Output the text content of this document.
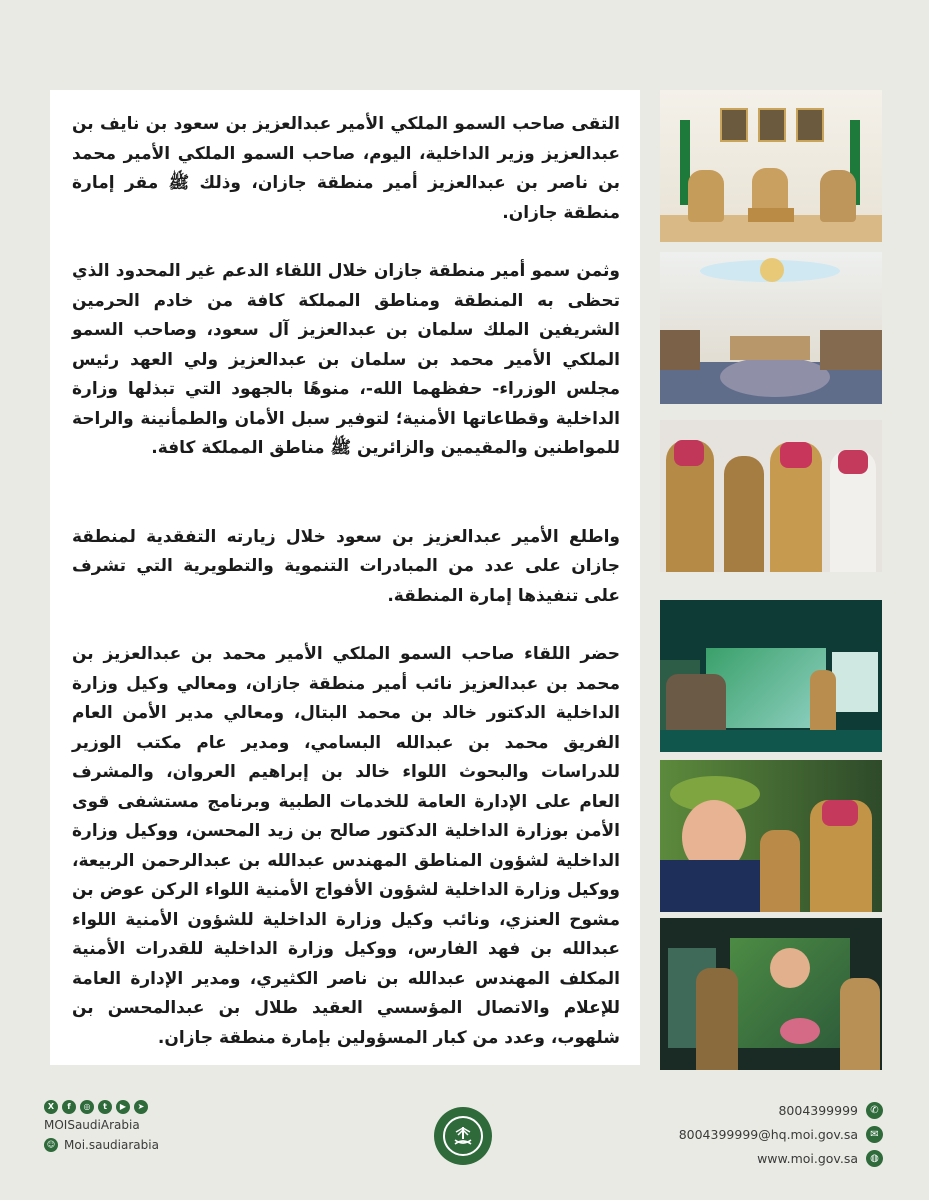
التقى صاحب السمو الملكي الأمير عبدالعزيز بن سعود بن نايف بن عبدالعزيز وزير الداخلية، اليوم، صاحب السمو الملكي الأمير محمد بن ناصر بن عبدالعزيز أمير منطقة جازان، وذلك ﷺ مقر إمارة منطقة جازان.

وثمن سمو أمير منطقة جازان خلال اللقاء الدعم غير المحدود الذي تحظى به المنطقة ومناطق المملكة كافة من خادم الحرمين الشريفين الملك سلمان بن عبدالعزيز آل سعود، وصاحب السمو الملكي الأمير محمد بن سلمان بن عبدالعزيز ولي العهد رئيس مجلس الوزراء- حفظهما الله-، منوهًا بالجهود التي تبذلها وزارة الداخلية وقطاعاتها الأمنية؛ لتوفير سبل الأمان والطمأنينة والراحة للمواطنين والمقيمين والزائرين ﷺ مناطق المملكة كافة.

واطلع الأمير عبدالعزيز بن سعود خلال زيارته التفقدية لمنطقة جازان على عدد من المبادرات التنموية والتطويرية التي تشرف على تنفيذها إمارة المنطقة.

حضر اللقاء صاحب السمو الملكي الأمير محمد بن عبدالعزيز بن محمد بن عبدالعزيز نائب أمير منطقة جازان، ومعالي وكيل وزارة الداخلية الدكتور خالد بن محمد البتال، ومعالي مدير الأمن العام الفريق محمد بن عبدالله البسامي، ومدير عام مكتب الوزير للدراسات والبحوث اللواء خالد بن إبراهيم العروان، والمشرف العام على الإدارة العامة للخدمات الطبية وبرنامج مستشفى قوى الأمن بوزارة الداخلية الدكتور صالح بن زيد المحسن، ووكيل وزارة الداخلية لشؤون المناطق المهندس عبدالله بن عبدالرحمن الربيعة، ووكيل وزارة الداخلية لشؤون الأفواج الأمنية اللواء الركن عوض بن مشوح العنزي، ونائب وكيل وزارة الداخلية للشؤون الأمنية اللواء عبدالله بن فهد الفارس، ووكيل وزارة الداخلية للقدرات الأمنية المكلف المهندس عبدالله بن ناصر الكثيري، ومدير الإدارة العامة للإعلام والاتصال المؤسسي العقيد طلال بن عبدالمحسن بن شلهوب، وعدد من كبار المسؤولين بإمارة منطقة جازان.

X	f	◎	t	▶	➤
MOISaudiArabia
☺ Moi.saudiarabia
8004399999	✆
8004399999@hq.moi.gov.sa	✉
www.moi.gov.sa	◍
